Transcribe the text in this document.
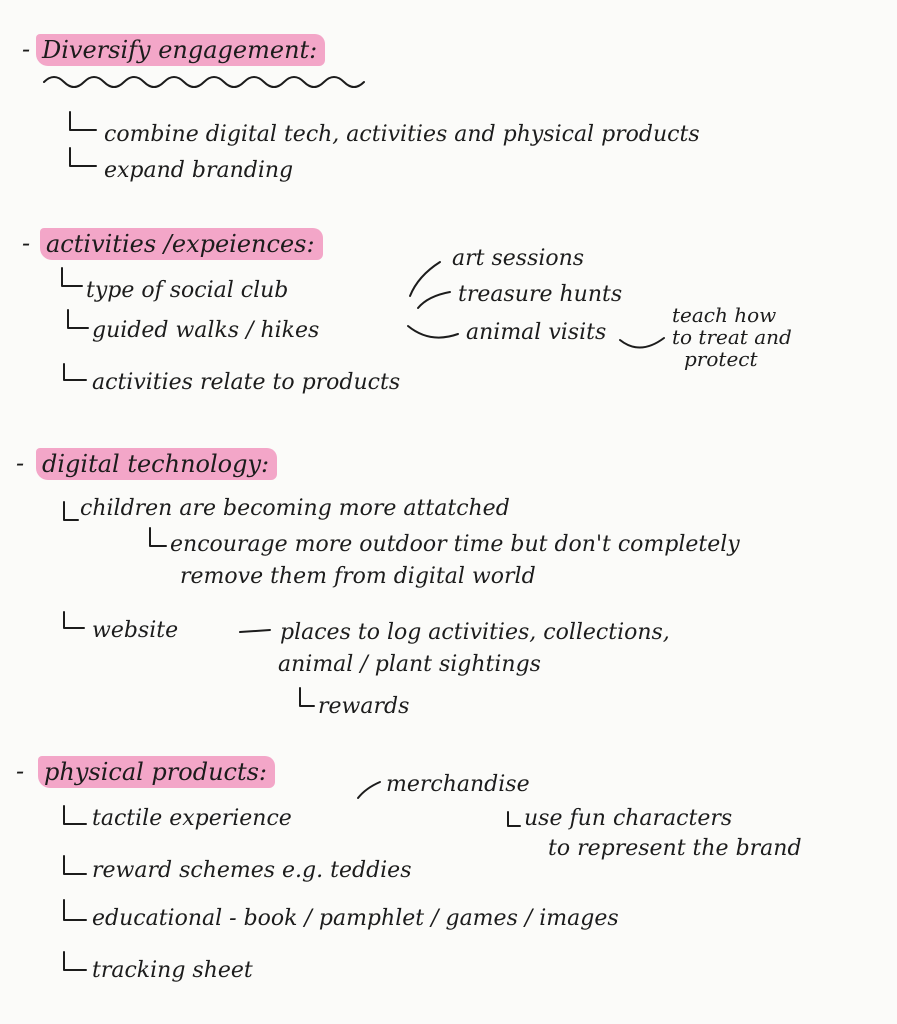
- Diversify engagement:
combine digital tech, activities and physical products
expand branding
- activities /expeiences:
type of social club
guided walks / hikes
activities relate to products
art sessions
treasure hunts
animal visits
teach how
to treat and
protect
- digital technology:
children are becoming more attatched
encourage more outdoor time but don't completely
remove them from digital world
website	places to log activities, collections,
animal / plant sightings
rewards
- physical products:
tactile experience
merchandise
use fun characters
to represent the brand
reward schemes e.g. teddies
educational - book / pamphlet / games / images
tracking sheet
